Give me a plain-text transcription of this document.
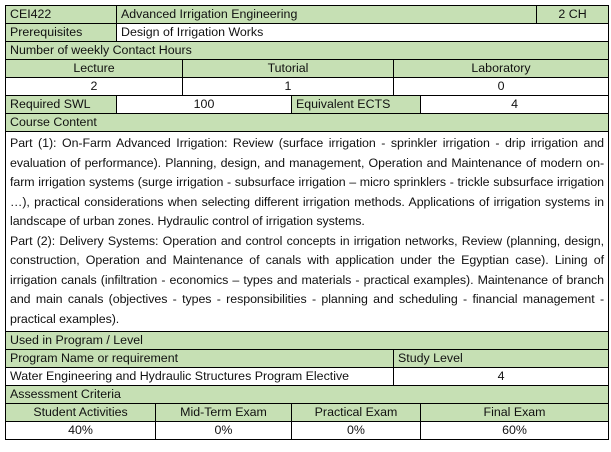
CEI422	Advanced Irrigation Engineering						2 CH
Prerequisites	Design of Irrigation Works						
Number of weekly Contact Hours							
Lecture			Tutorial		Laboratory		
2			1		0		
Required SWL	100			Equivalent ECTS		4	
Course Content							

Part (1): On-Farm Advanced Irrigation: Review (surface irrigation - sprinkler irrigation - drip irrigation and evaluation of performance). Planning, design, and management, Operation and Maintenance of modern on-farm irrigation systems (surge irrigation - subsurface irrigation – micro sprinklers - trickle subsurface irrigation …), practical considerations when selecting different irrigation methods. Applications of irrigation systems in landscape of urban zones. Hydraulic control of irrigation systems.

Part (2): Delivery Systems: Operation and control concepts in irrigation networks, Review (planning, design, construction, Operation and Maintenance of canals with application under the Egyptian case). Lining of irrigation canals (infiltration - economics – types and materials - practical examples). Maintenance of branch and main canals (objectives - types - responsibilities - planning and scheduling - financial management - practical examples).							

Used in Program / Level							
Program Name or requirement					Study Level		
Water Engineering and Hydraulic Structures Program Elective					4		
Assessment Criteria							
Student Activities		Mid-Term Exam		Practical Exam		Final Exam	
40%		0%		0%		60%	
